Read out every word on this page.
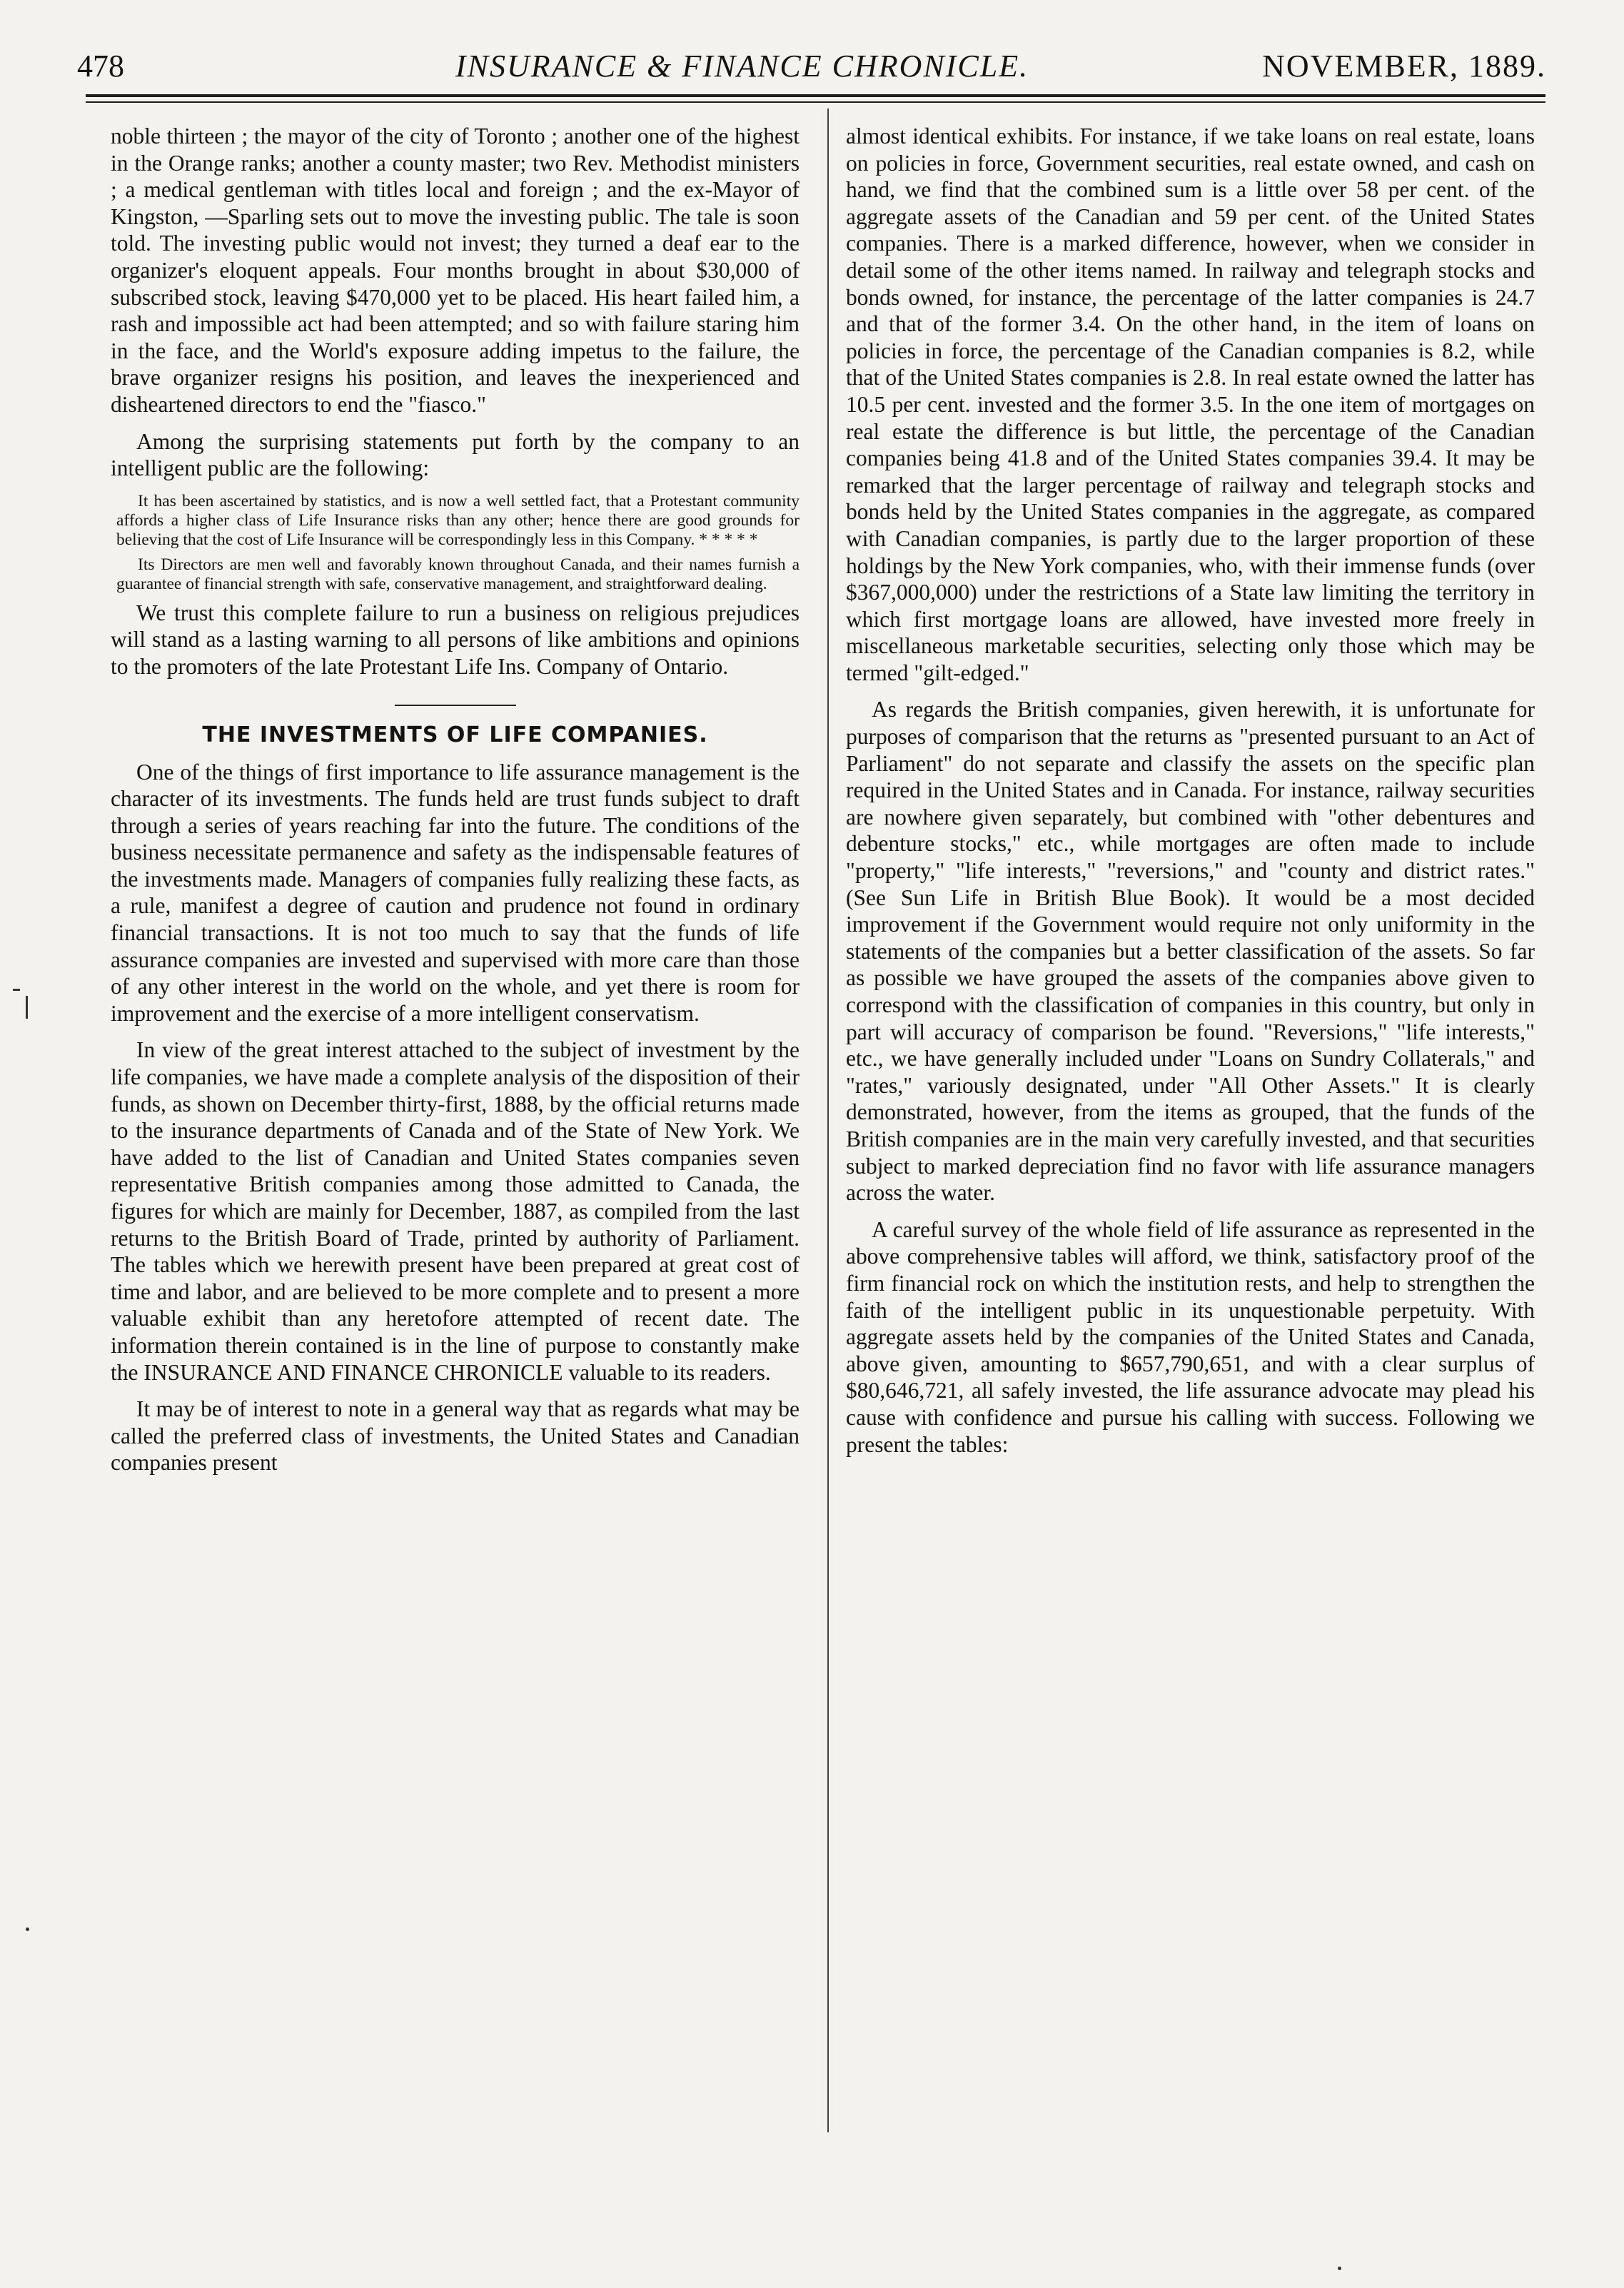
478	INSURANCE & FINANCE CHRONICLE.	NOVEMBER, 1889.

noble thirteen ; the mayor of the city of Toronto ; another one of the highest in the Orange ranks; another a county master; two Rev. Methodist ministers ; a medical gentleman with titles local and foreign ; and the ex-Mayor of Kingston, —Sparling sets out to move the investing public. The tale is soon told. The investing public would not invest; they turned a deaf ear to the organizer's eloquent appeals. Four months brought in about $30,000 of subscribed stock, leaving $470,000 yet to be placed. His heart failed him, a rash and impossible act had been attempted; and so with failure staring him in the face, and the World's exposure adding impetus to the failure, the brave organizer resigns his position, and leaves the inexperienced and disheartened directors to end the "fiasco."

Among the surprising statements put forth by the company to an intelligent public are the following:

It has been ascertained by statistics, and is now a well settled fact, that a Protestant community affords a higher class of Life Insurance risks than any other; hence there are good grounds for believing that the cost of Life Insurance will be correspondingly less in this Company. * * * * *

Its Directors are men well and favorably known throughout Canada, and their names furnish a guarantee of financial strength with safe, conservative management, and straightforward dealing.

We trust this complete failure to run a business on religious prejudices will stand as a lasting warning to all persons of like ambitions and opinions to the promoters of the late Protestant Life Ins. Company of Ontario.

THE INVESTMENTS OF LIFE COMPANIES.

One of the things of first importance to life assurance management is the character of its investments. The funds held are trust funds subject to draft through a series of years reaching far into the future. The conditions of the business necessitate permanence and safety as the indispensable features of the investments made. Managers of companies fully realizing these facts, as a rule, manifest a degree of caution and prudence not found in ordinary financial transactions. It is not too much to say that the funds of life assurance companies are invested and supervised with more care than those of any other interest in the world on the whole, and yet there is room for improvement and the exercise of a more intelligent conservatism.

In view of the great interest attached to the subject of investment by the life companies, we have made a complete analysis of the disposition of their funds, as shown on December thirty-first, 1888, by the official returns made to the insurance departments of Canada and of the State of New York. We have added to the list of Canadian and United States companies seven representative British companies among those admitted to Canada, the figures for which are mainly for December, 1887, as compiled from the last returns to the British Board of Trade, printed by authority of Parliament. The tables which we herewith present have been prepared at great cost of time and labor, and are believed to be more complete and to present a more valuable exhibit than any heretofore attempted of recent date. The information therein contained is in the line of purpose to constantly make the INSURANCE AND FINANCE CHRONICLE valuable to its readers.

It may be of interest to note in a general way that as regards what may be called the preferred class of investments, the United States and Canadian companies present

almost identical exhibits. For instance, if we take loans on real estate, loans on policies in force, Government securities, real estate owned, and cash on hand, we find that the combined sum is a little over 58 per cent. of the aggregate assets of the Canadian and 59 per cent. of the United States companies. There is a marked difference, however, when we consider in detail some of the other items named. In railway and telegraph stocks and bonds owned, for instance, the percentage of the latter companies is 24.7 and that of the former 3.4. On the other hand, in the item of loans on policies in force, the percentage of the Canadian companies is 8.2, while that of the United States companies is 2.8. In real estate owned the latter has 10.5 per cent. invested and the former 3.5. In the one item of mortgages on real estate the difference is but little, the percentage of the Canadian companies being 41.8 and of the United States companies 39.4. It may be remarked that the larger percentage of railway and telegraph stocks and bonds held by the United States companies in the aggregate, as compared with Canadian companies, is partly due to the larger proportion of these holdings by the New York companies, who, with their immense funds (over $367,000,000) under the restrictions of a State law limiting the territory in which first mortgage loans are allowed, have invested more freely in miscellaneous marketable securities, selecting only those which may be termed "gilt-edged."

As regards the British companies, given herewith, it is unfortunate for purposes of comparison that the returns as "presented pursuant to an Act of Parliament" do not separate and classify the assets on the specific plan required in the United States and in Canada. For instance, railway securities are nowhere given separately, but combined with "other debentures and debenture stocks," etc., while mortgages are often made to include "property," "life interests," "reversions," and "county and district rates." (See Sun Life in British Blue Book). It would be a most decided improvement if the Government would require not only uniformity in the statements of the companies but a better classification of the assets. So far as possible we have grouped the assets of the companies above given to correspond with the classification of companies in this country, but only in part will accuracy of comparison be found. "Reversions," "life interests," etc., we have generally included under "Loans on Sundry Collaterals," and "rates," variously designated, under "All Other Assets." It is clearly demonstrated, however, from the items as grouped, that the funds of the British companies are in the main very carefully invested, and that securities subject to marked depreciation find no favor with life assurance managers across the water.

A careful survey of the whole field of life assurance as represented in the above comprehensive tables will afford, we think, satisfactory proof of the firm financial rock on which the institution rests, and help to strengthen the faith of the intelligent public in its unquestionable perpetuity. With aggregate assets held by the companies of the United States and Canada, above given, amounting to $657,790,651, and with a clear surplus of $80,646,721, all safely invested, the life assurance advocate may plead his cause with confidence and pursue his calling with success. Following we present the tables:
